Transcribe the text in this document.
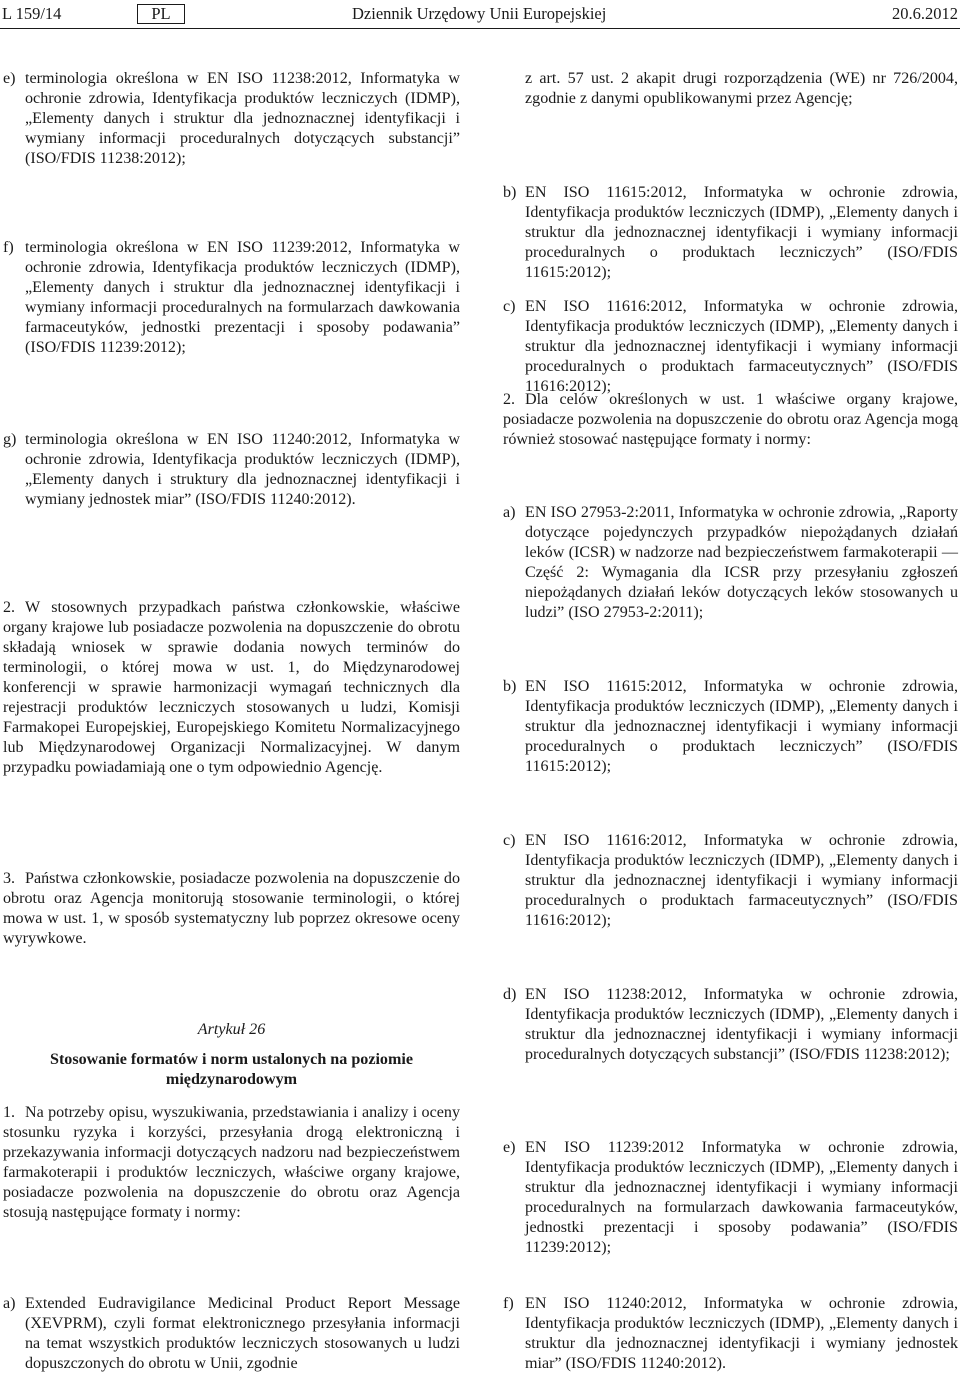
L 159/14	PL	Dziennik Urzędowy Unii Europejskiej	20.6.2012
e) terminologia określona w EN ISO 11238:2012, Informatyka w ochronie zdrowia, Identyfikacja produktów leczniczych (IDMP), „Elementy danych i struktur dla jednoznacznej identyfikacji i wymiany informacji proceduralnych dotyczących substancji” (ISO/FDIS 11238:2012);
f) terminologia określona w EN ISO 11239:2012, Informatyka w ochronie zdrowia, Identyfikacja produktów leczniczych (IDMP), „Elementy danych i struktur dla jednoznacznej identyfikacji i wymiany informacji proceduralnych na formularzach dawkowania farmaceutyków, jednostki prezentacji i sposoby podawania” (ISO/FDIS 11239:2012);
g) terminologia określona w EN ISO 11240:2012, Informatyka w ochronie zdrowia, Identyfikacja produktów leczniczych (IDMP), „Elementy danych i struktury dla jednoznacznej identyfikacji i wymiany jednostek miar” (ISO/FDIS 11240:2012).

2. W stosownych przypadkach państwa członkowskie, właściwe organy krajowe lub posiadacze pozwolenia na dopuszczenie do obrotu składają wniosek w sprawie dodania nowych terminów do terminologii, o której mowa w ust. 1, do Międzynarodowej konferencji w sprawie harmonizacji wymagań technicznych dla rejestracji produktów leczniczych stosowanych u ludzi, Komisji Farmakopei Europejskiej, Europejskiego Komitetu Normalizacyjnego lub Międzynarodowej Organizacji Normalizacyjnej. W danym przypadku powiadamiają one o tym odpowiednio Agencję.

3. Państwa członkowskie, posiadacze pozwolenia na dopuszczenie do obrotu oraz Agencja monitorują stosowanie terminologii, o której mowa w ust. 1, w sposób systematyczny lub poprzez okresowe oceny wyrywkowe.

Artykuł 26
Stosowanie formatów i norm ustalonych na poziomie międzynarodowym

1. Na potrzeby opisu, wyszukiwania, przedstawiania i analizy i oceny stosunku ryzyka i korzyści, przesyłania drogą elektroniczną i przekazywania informacji dotyczących nadzoru nad bezpieczeństwem farmakoterapii i produktów leczniczych, właściwe organy krajowe, posiadacze pozwolenia na dopuszczenie do obrotu oraz Agencja stosują następujące formaty i normy:

a) Extended Eudravigilance Medicinal Product Report Message (XEVPRM), czyli format elektronicznego przesyłania informacji na temat wszystkich produktów leczniczych stosowanych u ludzi dopuszczonych do obrotu w Unii, zgodnie
z art. 57 ust. 2 akapit drugi rozporządzenia (WE) nr 726/2004, zgodnie z danymi opublikowanymi przez Agencję;
b) EN ISO 11615:2012, Informatyka w ochronie zdrowia, Identyfikacja produktów leczniczych (IDMP), „Elementy danych i struktur dla jednoznacznej identyfikacji i wymiany informacji proceduralnych o produktach leczniczych” (ISO/FDIS 11615:2012);
c) EN ISO 11616:2012, Informatyka w ochronie zdrowia, Identyfikacja produktów leczniczych (IDMP), „Elementy danych i struktur dla jednoznacznej identyfikacji i wymiany informacji proceduralnych o produktach farmaceutycznych” (ISO/FDIS 11616:2012);

2. Dla celów określonych w ust. 1 właściwe organy krajowe, posiadacze pozwolenia na dopuszczenie do obrotu oraz Agencja mogą również stosować następujące formaty i normy:

a) EN ISO 27953-2:2011, Informatyka w ochronie zdrowia, „Raporty dotyczące pojedynczych przypadków niepożądanych działań leków (ICSR) w nadzorze nad bezpieczeństwem farmakoterapii — Część 2: Wymagania dla ICSR przy przesyłaniu zgłoszeń niepożądanych działań leków dotyczących leków stosowanych u ludzi” (ISO 27953-2:2011);
b) EN ISO 11615:2012, Informatyka w ochronie zdrowia, Identyfikacja produktów leczniczych (IDMP), „Elementy danych i struktur dla jednoznacznej identyfikacji i wymiany informacji proceduralnych o produktach leczniczych” (ISO/FDIS 11615:2012);
c) EN ISO 11616:2012, Informatyka w ochronie zdrowia, Identyfikacja produktów leczniczych (IDMP), „Elementy danych i struktur dla jednoznacznej identyfikacji i wymiany informacji proceduralnych o produktach farmaceutycznych” (ISO/FDIS 11616:2012);
d) EN ISO 11238:2012, Informatyka w ochronie zdrowia, Identyfikacja produktów leczniczych (IDMP), „Elementy danych i struktur dla jednoznacznej identyfikacji i wymiany informacji proceduralnych dotyczących substancji” (ISO/FDIS 11238:2012);
e) EN ISO 11239:2012 Informatyka w ochronie zdrowia, Identyfikacja produktów leczniczych (IDMP), „Elementy danych i struktur dla jednoznacznej identyfikacji i wymiany informacji proceduralnych na formularzach dawkowania farmaceutyków, jednostki prezentacji i sposoby podawania” (ISO/FDIS 11239:2012);
f) EN ISO 11240:2012, Informatyka w ochronie zdrowia, Identyfikacja produktów leczniczych (IDMP), „Elementy danych i struktur dla jednoznacznej identyfikacji i wymiany jednostek miar” (ISO/FDIS 11240:2012).
